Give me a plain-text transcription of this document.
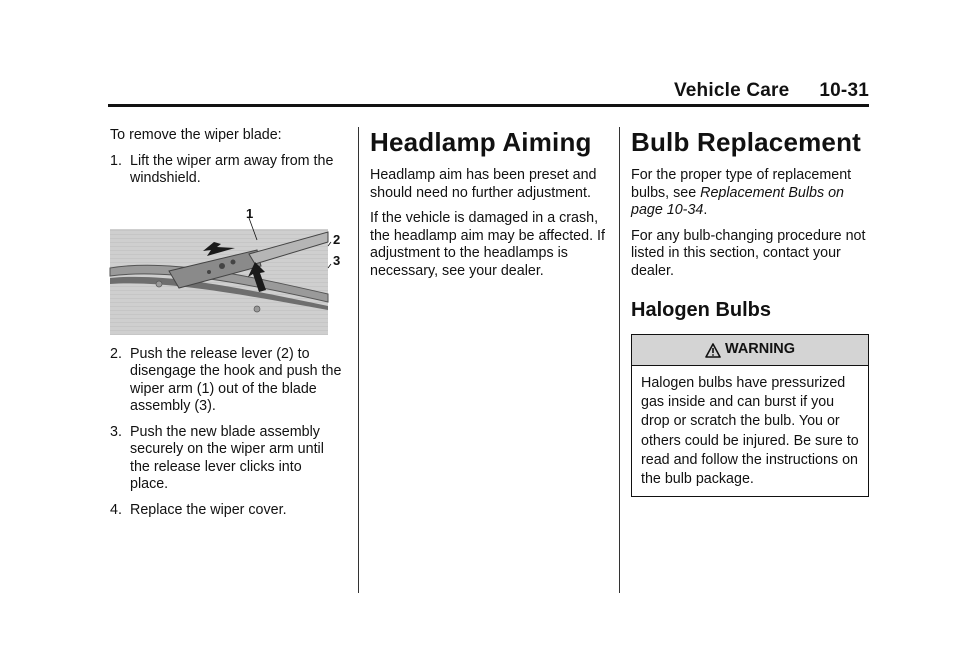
Vehicle Care 10-31

To remove the wiper blade:

1. Lift the wiper arm away from the windshield.
1
2
3
2. Push the release lever (2) to disengage the hook and push the wiper arm (1) out of the blade assembly (3).
3. Push the new blade assembly securely on the wiper arm until the release lever clicks into place.
4. Replace the wiper cover.
Headlamp Aiming

Headlamp aim has been preset and should need no further adjustment.

If the vehicle is damaged in a crash, the headlamp aim may be affected. If adjustment to the headlamps is necessary, see your dealer.

Bulb Replacement

For the proper type of replacement bulbs, see Replacement Bulbs on page 10-34.

For any bulb-changing procedure not listed in this section, contact your dealer.

Halogen Bulbs
WARNING
Halogen bulbs have pressurized gas inside and can burst if you drop or scratch the bulb. You or others could be injured. Be sure to read and follow the instructions on the bulb package.
